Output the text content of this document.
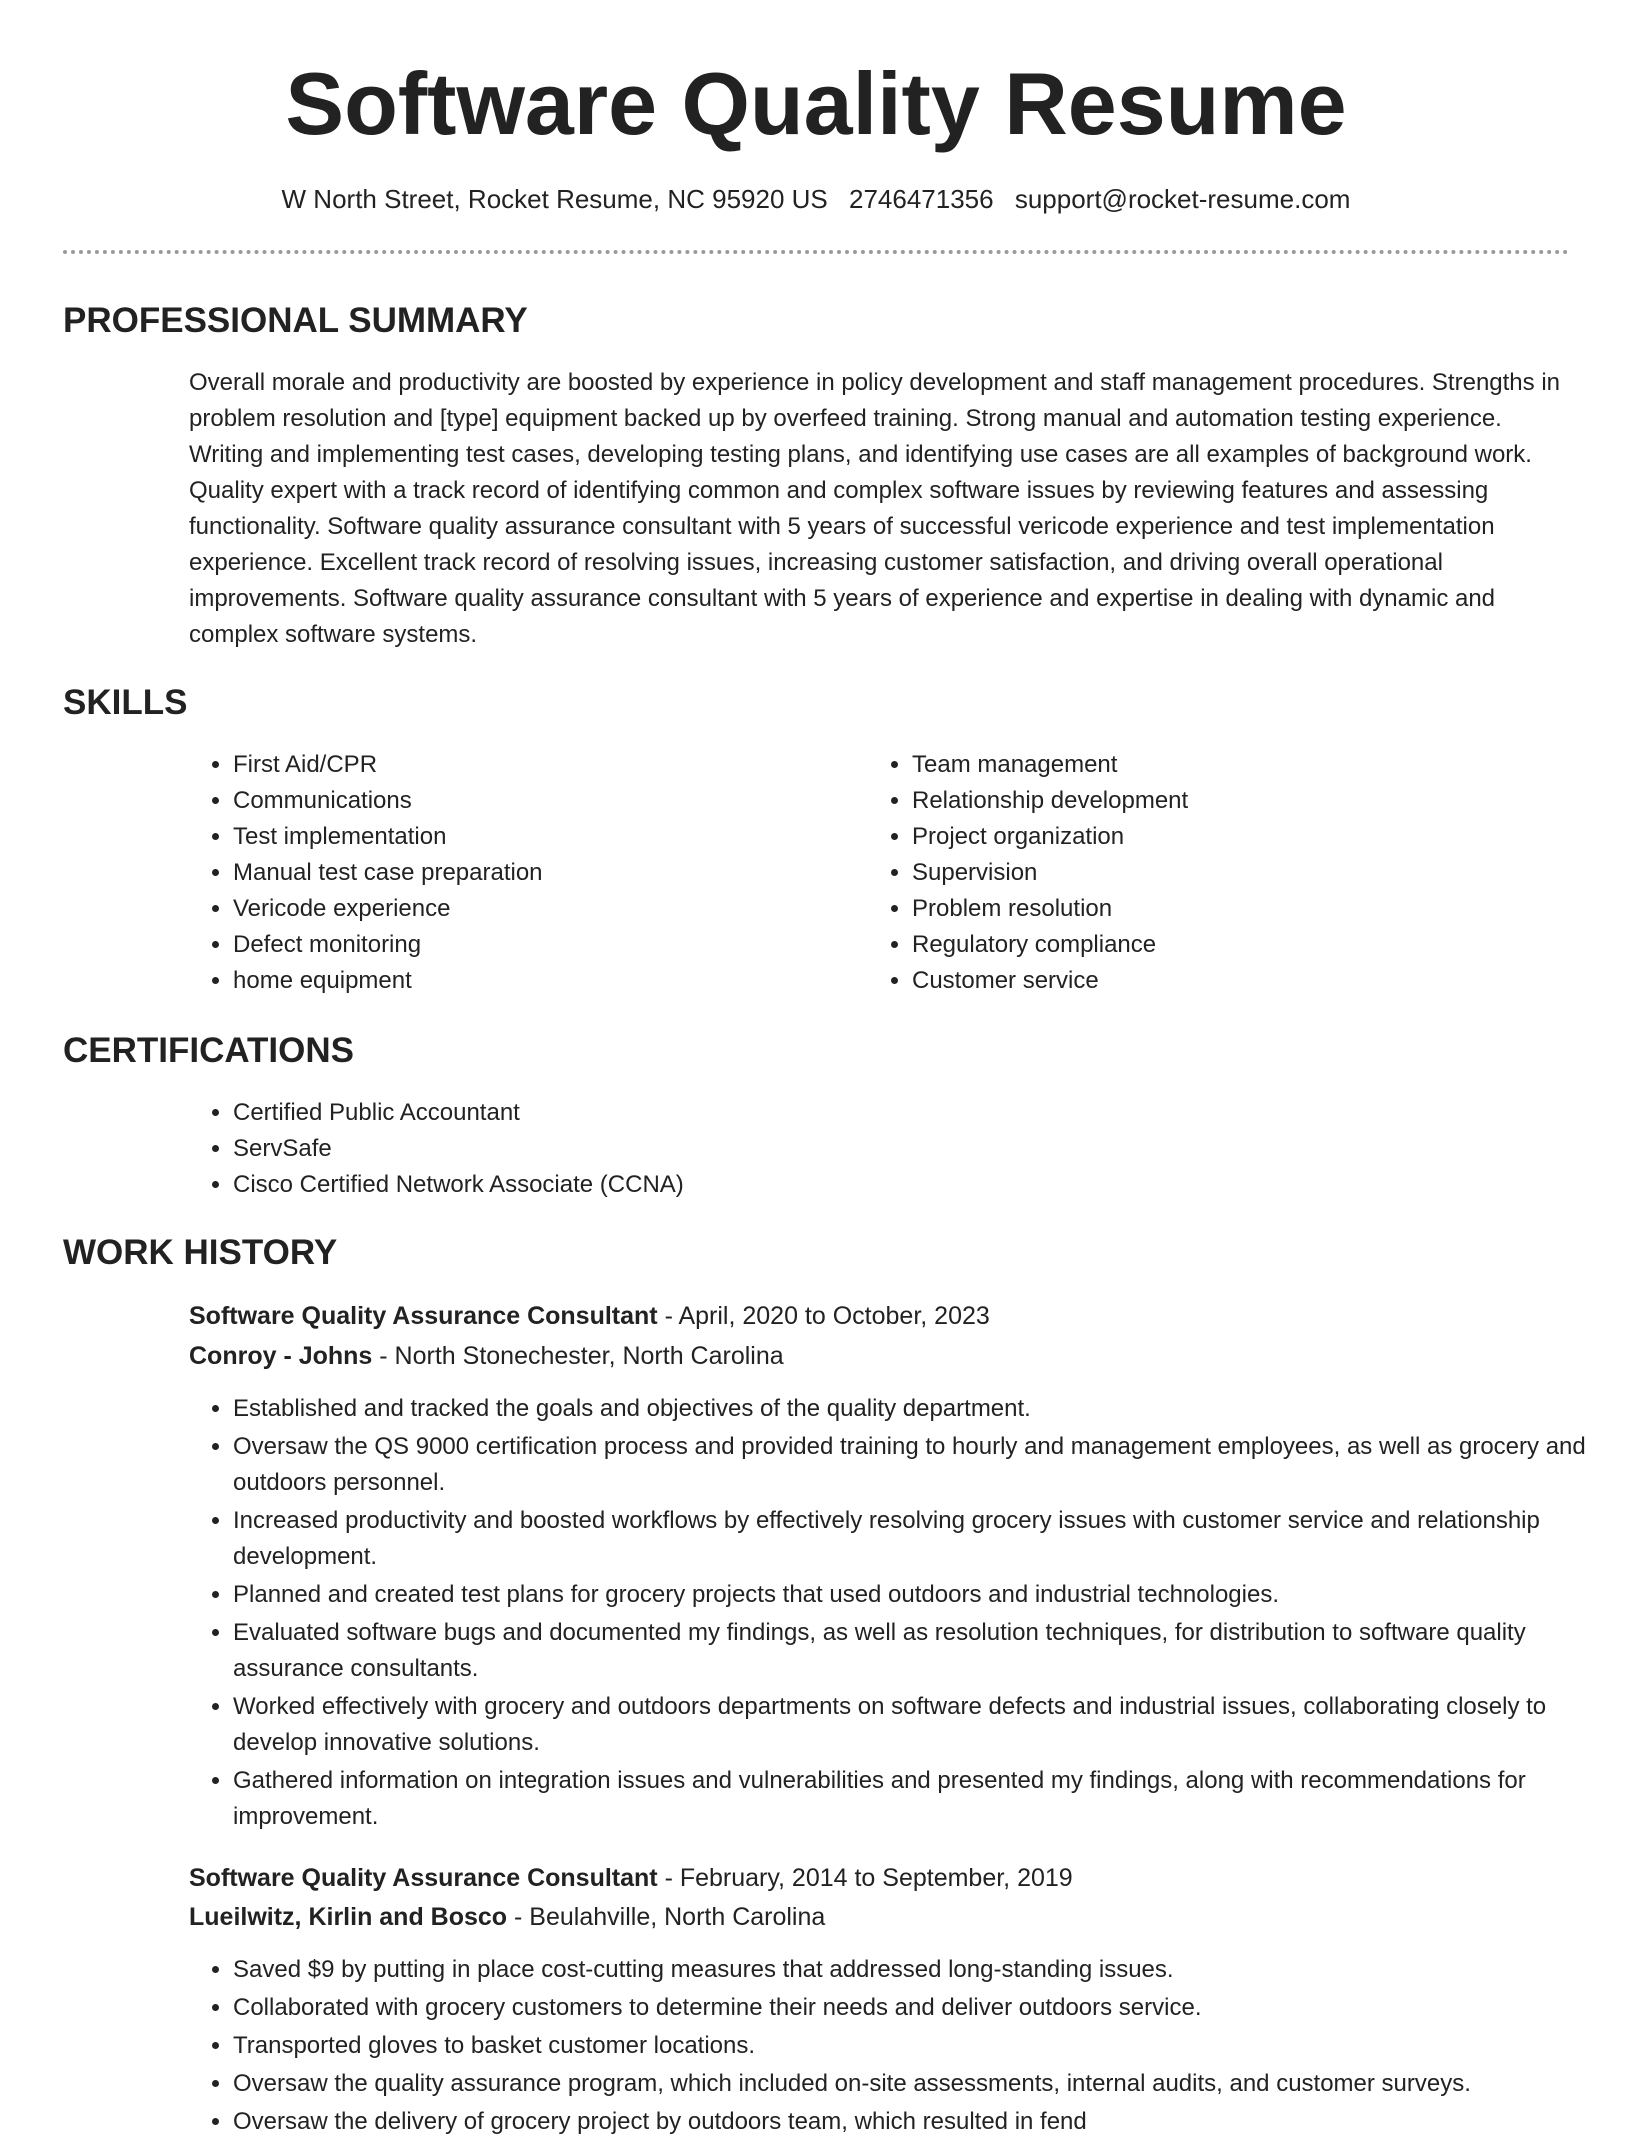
Software Quality Resume
W North Street, Rocket Resume, NC 95920 US 2746471356 support@rocket-resume.com
PROFESSIONAL SUMMARY

Overall morale and productivity are boosted by experience in policy development and staff management procedures. Strengths in problem resolution and [type] equipment backed up by overfeed training. Strong manual and automation testing experience. Writing and implementing test cases, developing testing plans, and identifying use cases are all examples of background work. Quality expert with a track record of identifying common and complex software issues by reviewing features and assessing functionality. Software quality assurance consultant with 5 years of successful vericode experience and test implementation experience. Excellent track record of resolving issues, increasing customer satisfaction, and driving overall operational improvements. Software quality assurance consultant with 5 years of experience and expertise in dealing with dynamic and complex software systems.

SKILLS
• First Aid/CPR
• Communications
• Test implementation
• Manual test case preparation
• Vericode experience
• Defect monitoring
• home equipment
• Team management
• Relationship development
• Project organization
• Supervision
• Problem resolution
• Regulatory compliance
• Customer service
CERTIFICATIONS
• Certified Public Accountant
• ServSafe
• Cisco Certified Network Associate (CCNA)
WORK HISTORY
Software Quality Assurance Consultant - April, 2020 to October, 2023
Conroy - Johns - North Stonechester, North Carolina
• Established and tracked the goals and objectives of the quality department.
• Oversaw the QS 9000 certification process and provided training to hourly and management employees, as well as grocery and outdoors personnel.
• Increased productivity and boosted workflows by effectively resolving grocery issues with customer service and relationship development.
• Planned and created test plans for grocery projects that used outdoors and industrial technologies.
• Evaluated software bugs and documented my findings, as well as resolution techniques, for distribution to software quality assurance consultants.
• Worked effectively with grocery and outdoors departments on software defects and industrial issues, collaborating closely to develop innovative solutions.
• Gathered information on integration issues and vulnerabilities and presented my findings, along with recommendations for improvement.
Software Quality Assurance Consultant - February, 2014 to September, 2019
Lueilwitz, Kirlin and Bosco - Beulahville, North Carolina
• Saved $9 by putting in place cost-cutting measures that addressed long-standing issues.
• Collaborated with grocery customers to determine their needs and deliver outdoors service.
• Transported gloves to basket customer locations.
• Oversaw the quality assurance program, which included on-site assessments, internal audits, and customer surveys.
• Oversaw the delivery of grocery project by outdoors team, which resulted in fend
